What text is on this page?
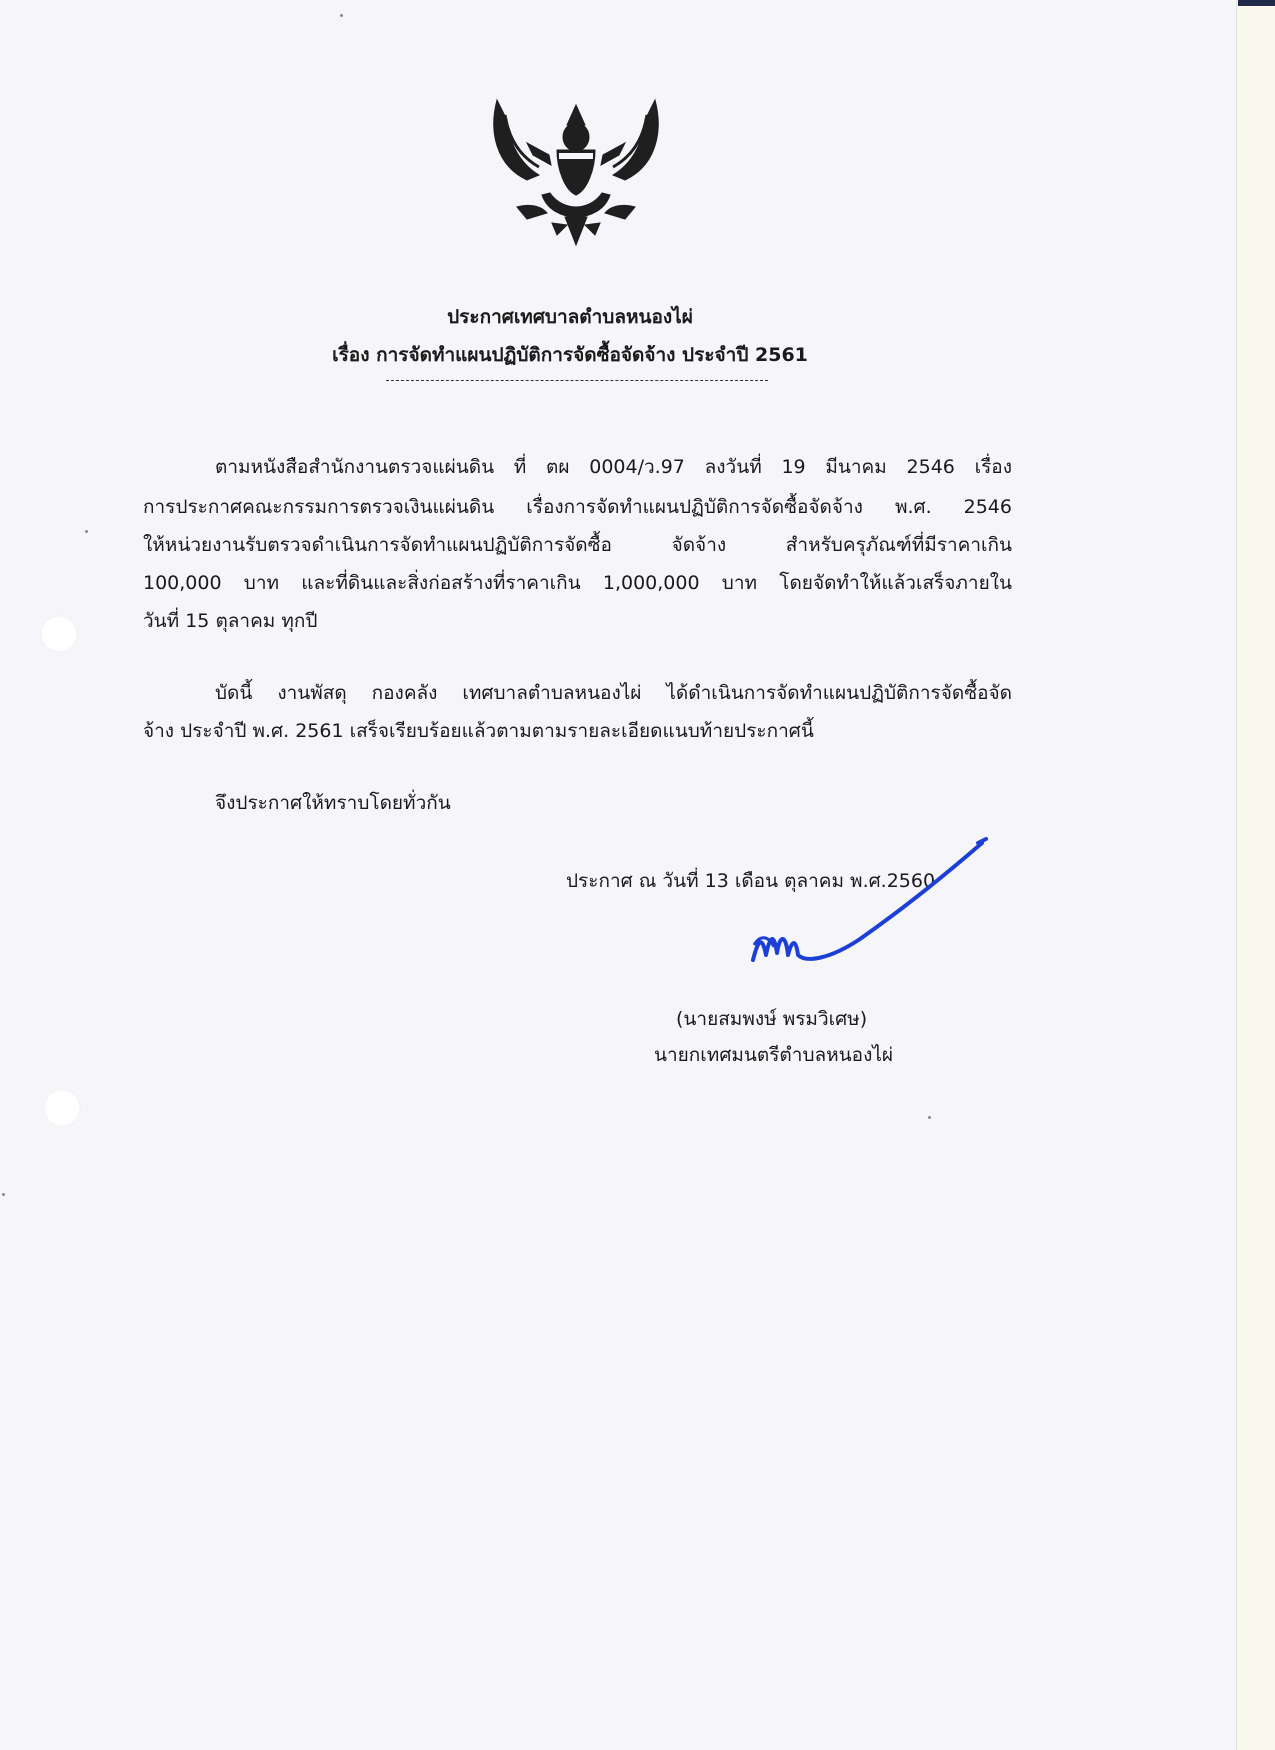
ประกาศเทศบาลตำบลหนองไผ่
เรื่อง การจัดทำแผนปฏิบัติการจัดซื้อจัดจ้าง ประจำปี 2561
ตามหนังสือสำนักงานตรวจแผ่นดิน ที่ ตผ 0004/ว.97 ลงวันที่ 19 มีนาคม 2546 เรื่อง
การประกาศคณะกรรมการตรวจเงินแผ่นดิน เรื่องการจัดทำแผนปฏิบัติการจัดซื้อจัดจ้าง พ.ศ. 2546
ให้หน่วยงานรับตรวจดำเนินการจัดทำแผนปฏิบัติการจัดซื้อ จัดจ้าง สำหรับครุภัณฑ์ที่มีราคาเกิน
100,000 บาท และที่ดินและสิ่งก่อสร้างที่ราคาเกิน 1,000,000 บาท โดยจัดทำให้แล้วเสร็จภายใน
วันที่ 15 ตุลาคม ทุกปี
บัดนี้ งานพัสดุ กองคลัง เทศบาลตำบลหนองไผ่ ได้ดำเนินการจัดทำแผนปฏิบัติการจัดซื้อจัด
จ้าง ประจำปี พ.ศ. 2561 เสร็จเรียบร้อยแล้วตามตามรายละเอียดแนบท้ายประกาศนี้
จึงประกาศให้ทราบโดยทั่วกัน
ประกาศ ณ วันที่ 13 เดือน ตุลาคม พ.ศ.2560
(นายสมพงษ์ พรมวิเศษ)
นายกเทศมนตรีตำบลหนองไผ่
